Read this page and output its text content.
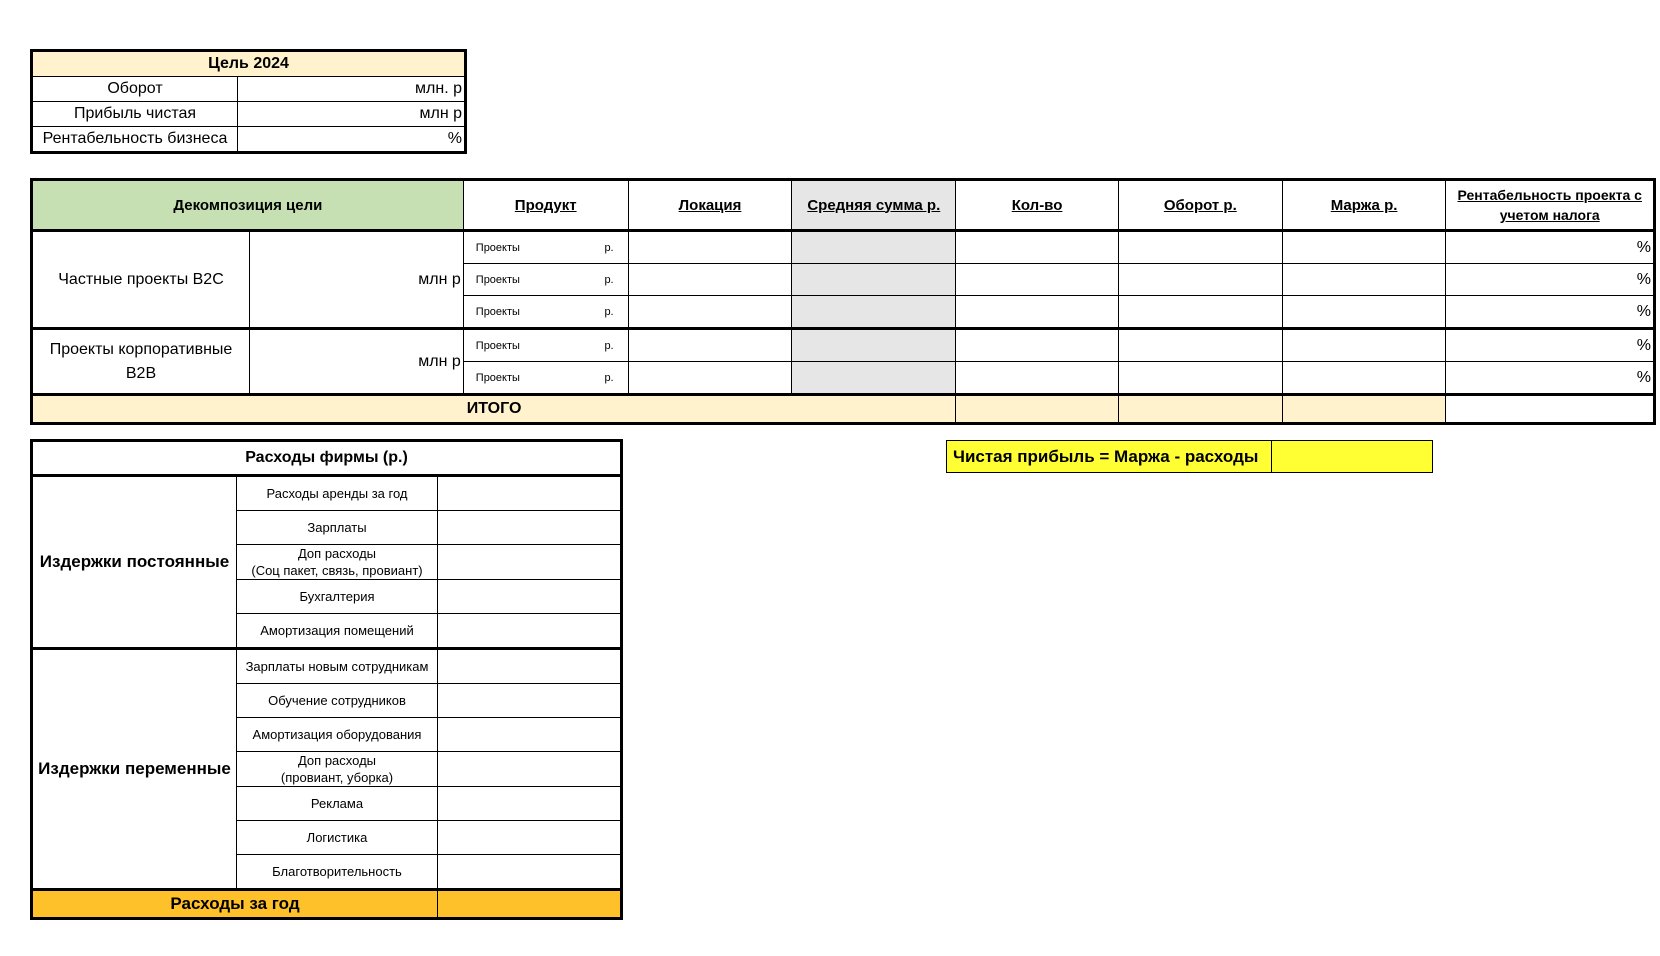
Цель 2024	
Оборот	млн. р
Прибыль чистая	млн р
Рентабельность бизнеса	%
Декомпозиция цели		Продукт	Локация	Средняя сумма р.	Кол-во	Оборот р.	Маржа р.	Рентабельность проекта с учетом налога
Частные проекты B2C	млн р	Проекты р.						%

		Проекты р.						%

		Проекты р.						%
Проекты корпоративные B2B	млн р	Проекты р.						%

		Проекты р.						%
ИТОГО								
Расходы фирмы (р.)		
Издержки постоянные	Расходы аренды за год	
	Зарплаты	
	Доп расходы
(Соц пакет, связь, провиант)	
	Бухгалтерия	
	Амортизация помещений	
Издержки переменные	Зарплаты новым сотрудникам	
	Обучение сотрудников	
	Амортизация оборудования	
	Доп расходы
(провиант, уборка)	
	Реклама	
	Логистика	
	Благотворительность	
Расходы за год		
Чистая прибыль = Маржа - расходы	
